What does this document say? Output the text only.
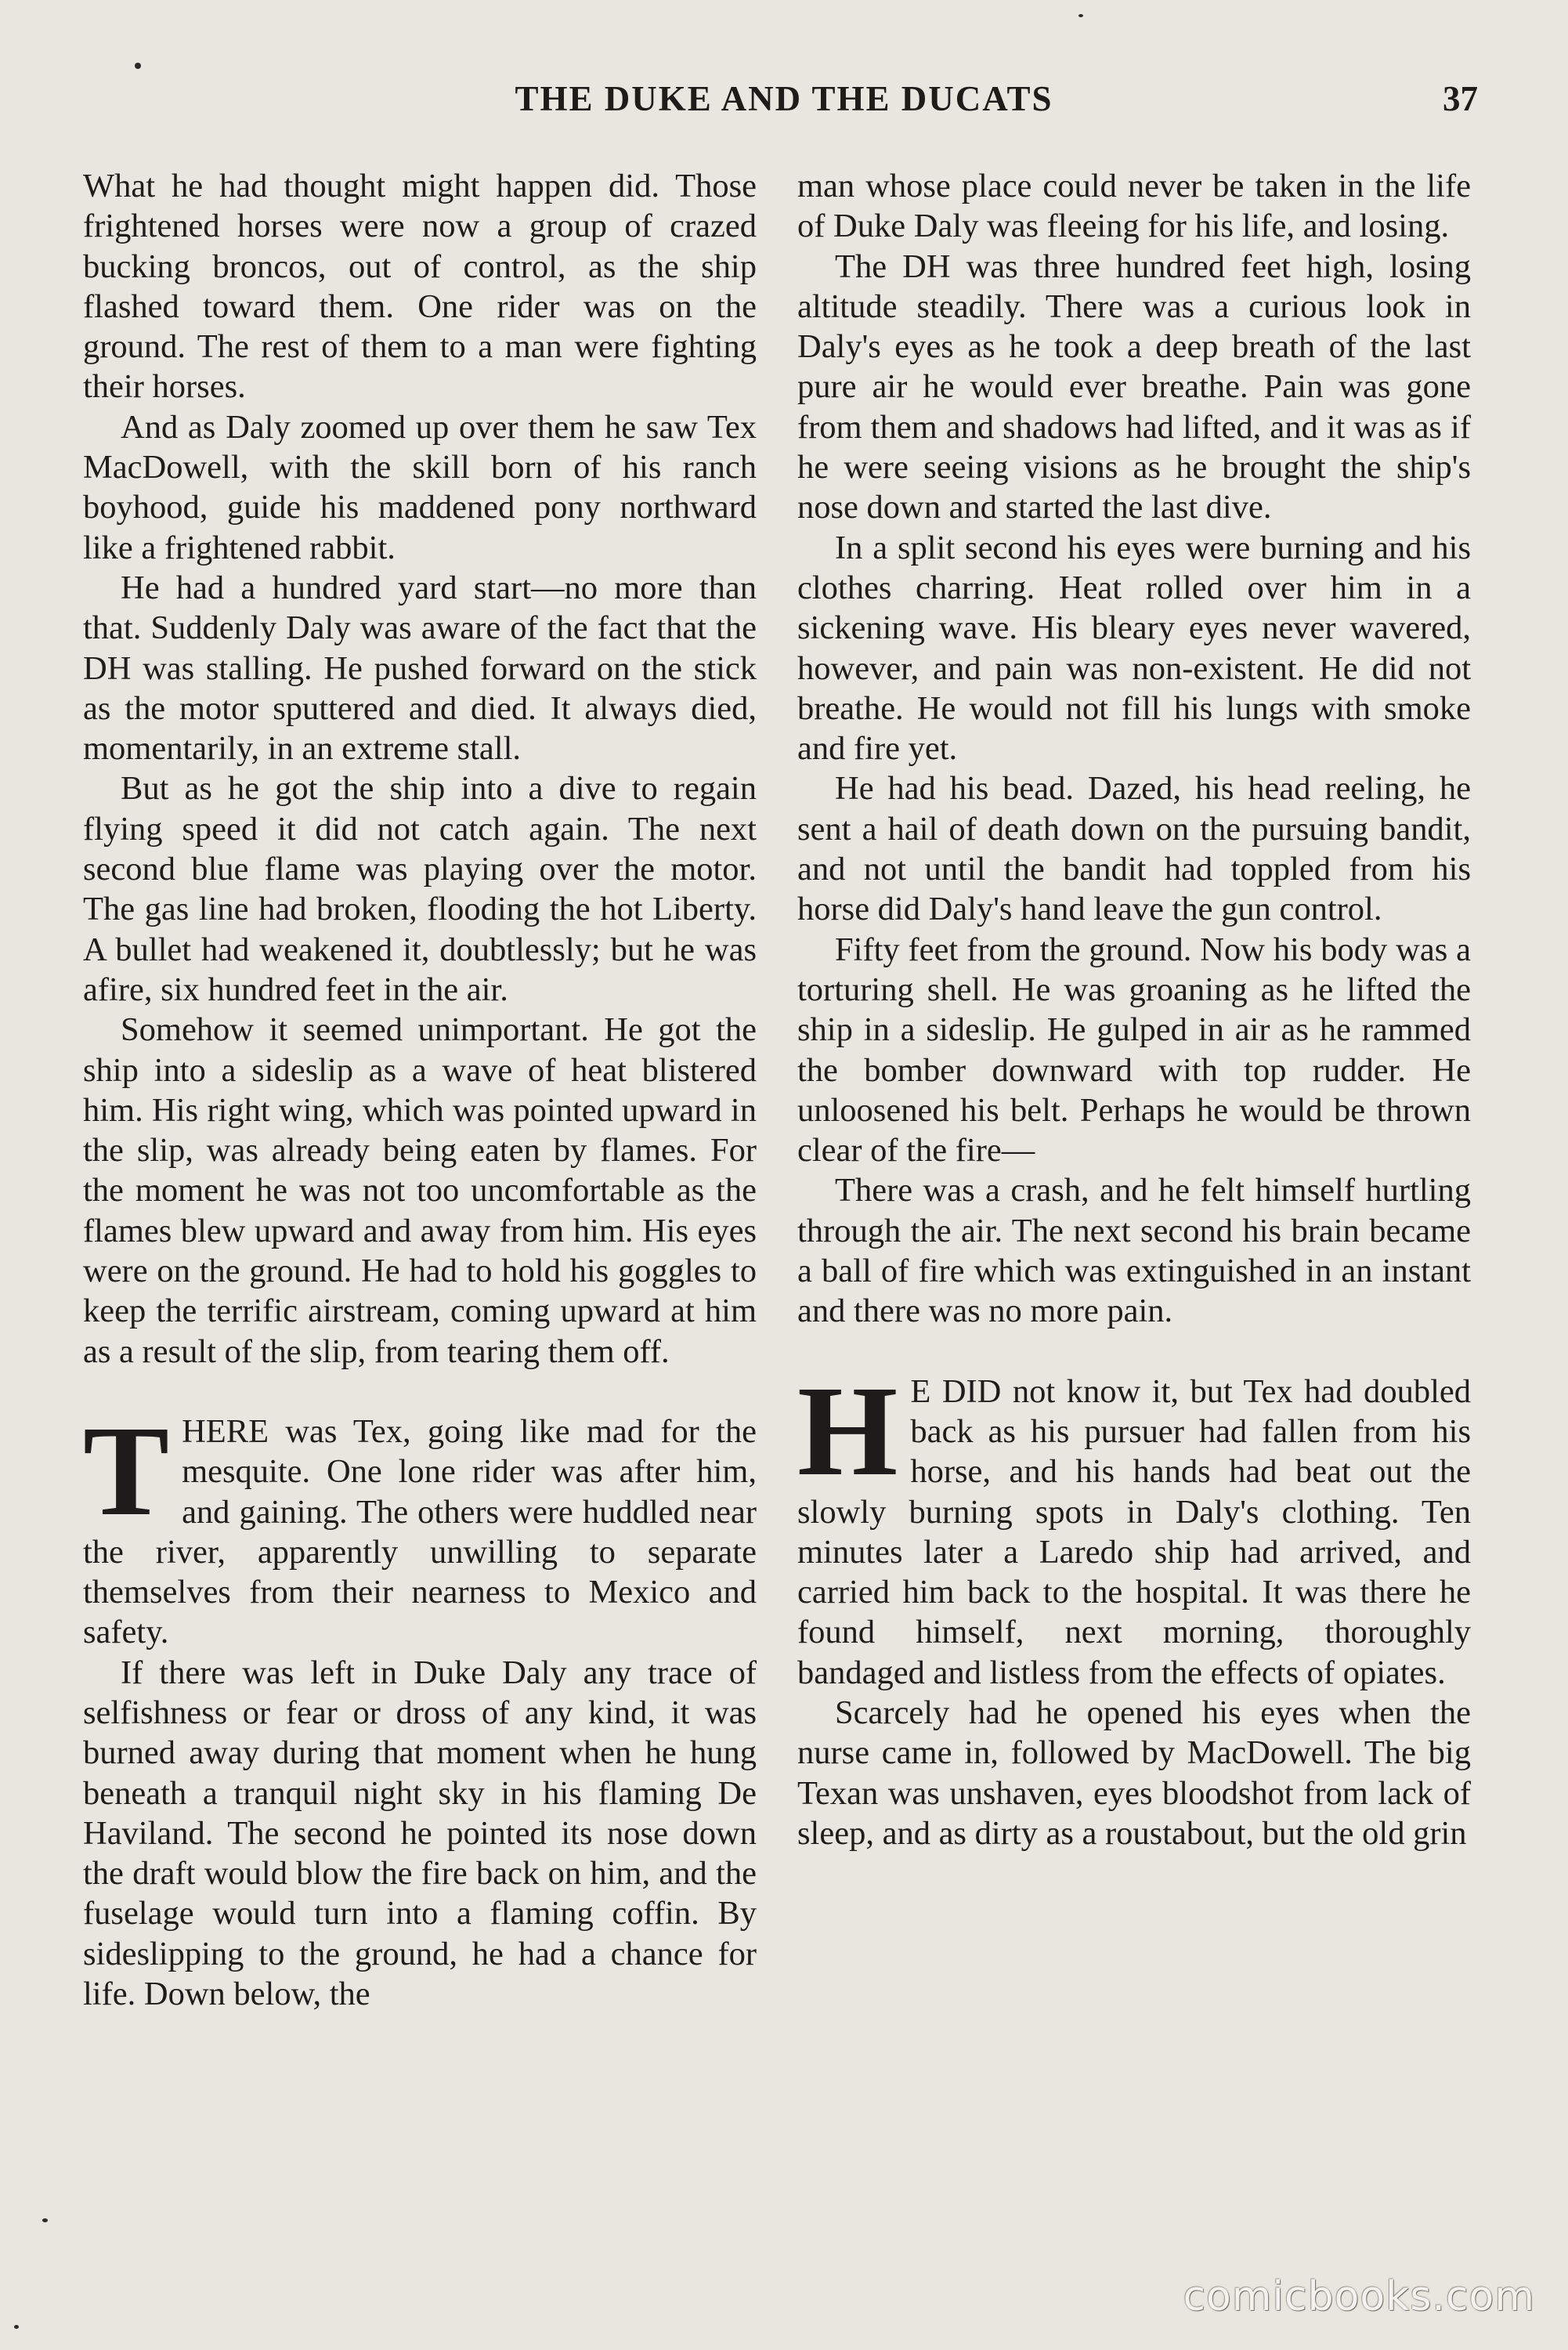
THE DUKE AND THE DUCATS	37

What he had thought might happen did. Those frightened horses were now a group of crazed bucking broncos, out of control, as the ship flashed toward them. One rider was on the ground. The rest of them to a man were fighting their horses.

And as Daly zoomed up over them he saw Tex MacDowell, with the skill born of his ranch boyhood, guide his maddened pony northward like a frightened rabbit.

He had a hundred yard start—no more than that. Suddenly Daly was aware of the fact that the DH was stalling. He pushed forward on the stick as the motor sputtered and died. It always died, momentarily, in an extreme stall.

But as he got the ship into a dive to regain flying speed it did not catch again. The next second blue flame was playing over the motor. The gas line had broken, flooding the hot Liberty. A bullet had weakened it, doubtlessly; but he was afire, six hundred feet in the air.

Somehow it seemed unimportant. He got the ship into a sideslip as a wave of heat blistered him. His right wing, which was pointed upward in the slip, was already being eaten by flames. For the moment he was not too uncomfortable as the flames blew upward and away from him. His eyes were on the ground. He had to hold his goggles to keep the terrific airstream, coming upward at him as a result of the slip, from tearing them off.

THERE was Tex, going like mad for the mesquite. One lone rider was after him, and gaining. The others were huddled near the river, apparently unwilling to separate themselves from their nearness to Mexico and safety.

If there was left in Duke Daly any trace of selfishness or fear or dross of any kind, it was burned away during that moment when he hung beneath a tranquil night sky in his flaming De Haviland. The second he pointed its nose down the draft would blow the fire back on him, and the fuselage would turn into a flaming coffin. By sideslipping to the ground, he had a chance for life. Down below, the

man whose place could never be taken in the life of Duke Daly was fleeing for his life, and losing.

The DH was three hundred feet high, losing altitude steadily. There was a curious look in Daly's eyes as he took a deep breath of the last pure air he would ever breathe. Pain was gone from them and shadows had lifted, and it was as if he were seeing visions as he brought the ship's nose down and started the last dive.

In a split second his eyes were burning and his clothes charring. Heat rolled over him in a sickening wave. His bleary eyes never wavered, however, and pain was non-existent. He did not breathe. He would not fill his lungs with smoke and fire yet.

He had his bead. Dazed, his head reeling, he sent a hail of death down on the pursuing bandit, and not until the bandit had toppled from his horse did Daly's hand leave the gun control.

Fifty feet from the ground. Now his body was a torturing shell. He was groaning as he lifted the ship in a sideslip. He gulped in air as he rammed the bomber downward with top rudder. He unloosened his belt. Perhaps he would be thrown clear of the fire—

There was a crash, and he felt himself hurtling through the air. The next second his brain became a ball of fire which was extinguished in an instant and there was no more pain.

H E DID not know it, but Tex had doubled back as his pursuer had fallen from his horse, and his hands had beat out the slowly burning spots in Daly's clothing. Ten minutes later a Laredo ship had arrived, and carried him back to the hospital. It was there he found himself, next morning, thoroughly bandaged and listless from the effects of opiates.

Scarcely had he opened his eyes when the nurse came in, followed by MacDowell. The big Texan was unshaven, eyes bloodshot from lack of sleep, and as dirty as a roustabout, but the old grin

comicbooks.com
